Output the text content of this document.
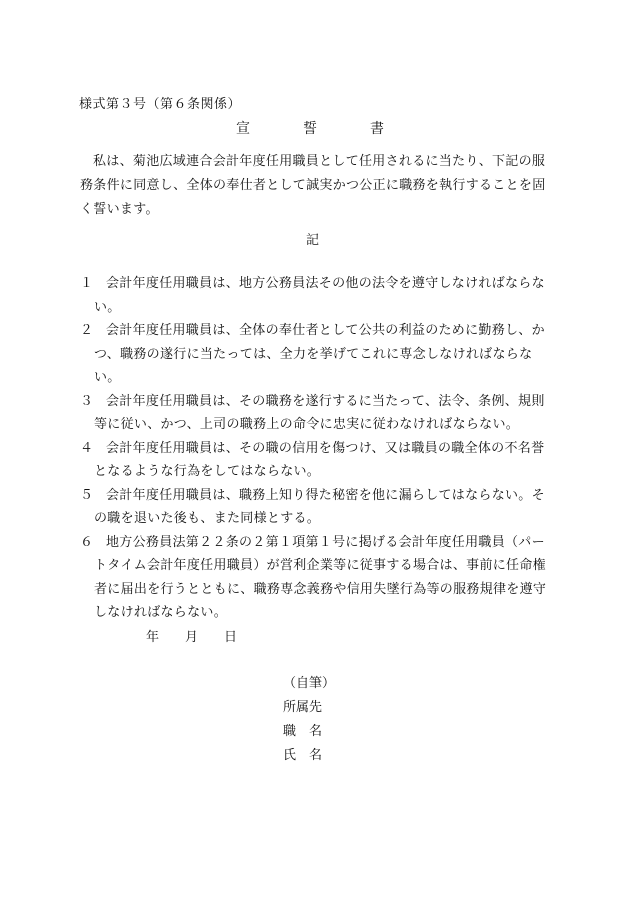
様式第３号（第６条関係）
宣	誓	書
私は、菊池広域連合会計年度任用職員として任用されるに当たり、下記の服務条件に同意し、全体の奉仕者として誠実かつ公正に職務を執行することを固く誓います。
記
１ 会計年度任用職員は、地方公務員法その他の法令を遵守しなければならない。
２ 会計年度任用職員は、全体の奉仕者として公共の利益のために勤務し、かつ、職務の遂行に当たっては、全力を挙げてこれに専念しなければならない。
３ 会計年度任用職員は、その職務を遂行するに当たって、法令、条例、規則等に従い、かつ、上司の職務上の命令に忠実に従わなければならない。
４ 会計年度任用職員は、その職の信用を傷つけ、又は職員の職全体の不名誉となるような行為をしてはならない。
５ 会計年度任用職員は、職務上知り得た秘密を他に漏らしてはならない。その職を退いた後も、また同様とする。
６ 地方公務員法第２２条の２第１項第１号に掲げる会計年度任用職員（パートタイム会計年度任用職員）が営利企業等に従事する場合は、事前に任命権者に届出を行うとともに、職務専念義務や信用失墜行為等の服務規律を遵守しなければならない。
年 月 日
（自筆）
所属先
職　名
氏　名
